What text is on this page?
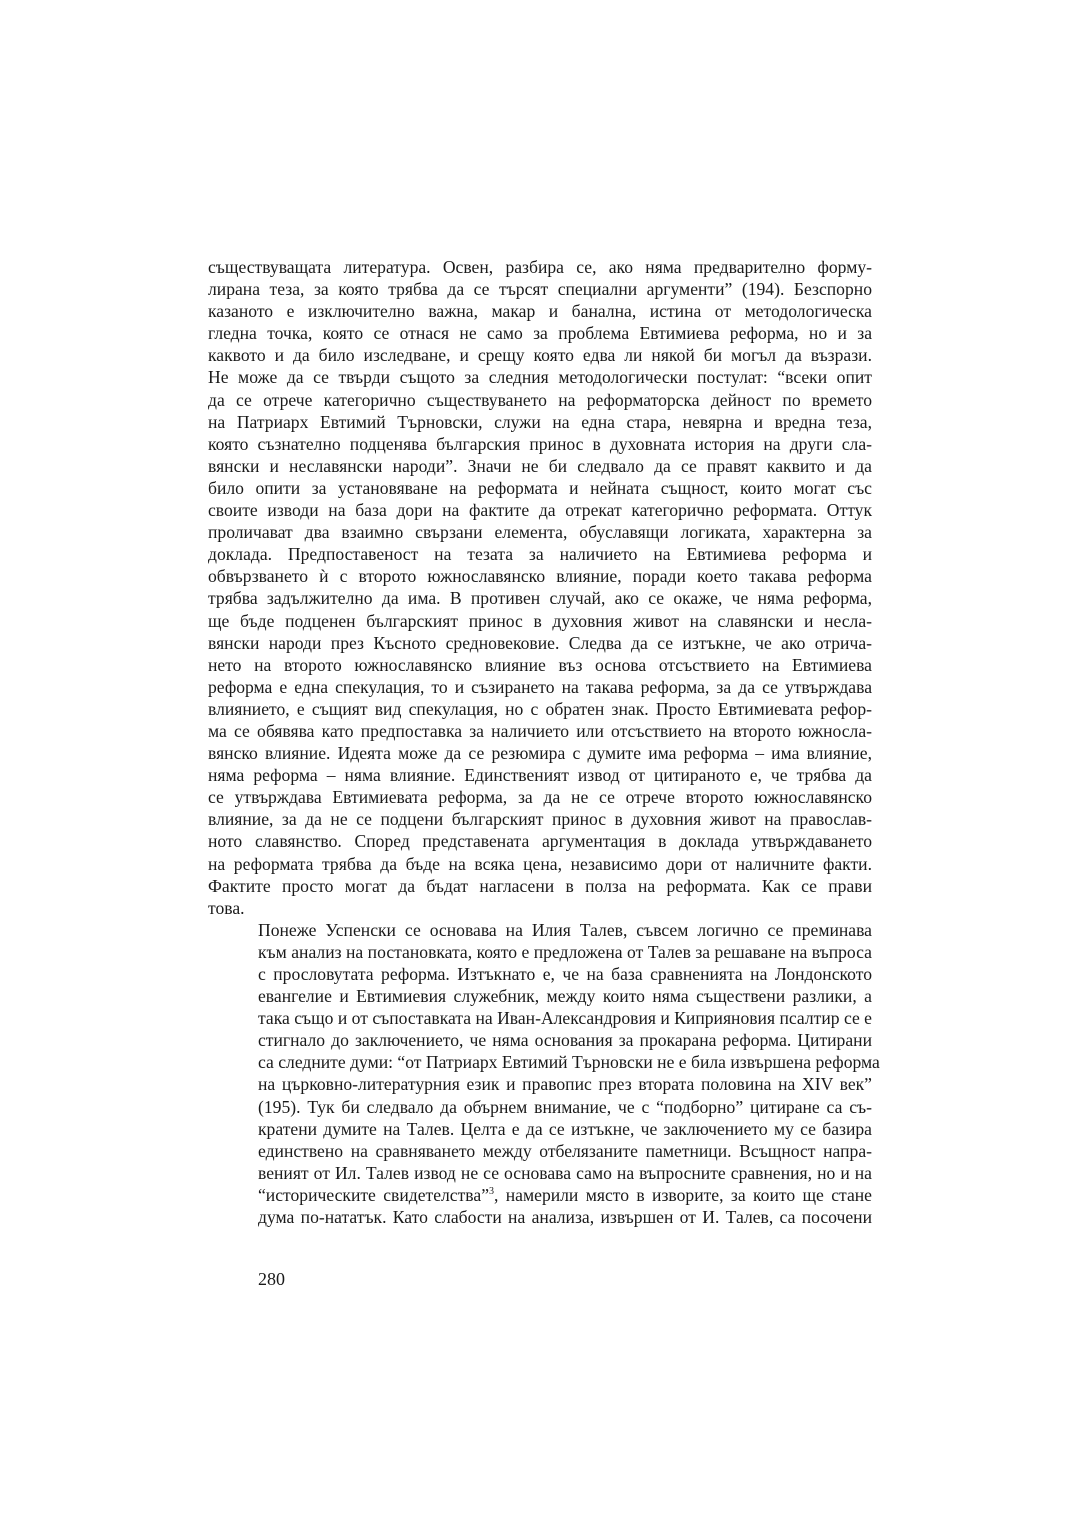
съществуващата литература. Освен, разбира се, ако няма предварително форму-
лирана теза, за която трябва да се търсят специални аргументи” (194). Безспорно
казаното е изключително важна, макар и банална, истина от методологическа
гледна точка, която се отнася не само за проблема Евтимиева реформа, но и за
каквото и да било изследване, и срещу която едва ли някой би могъл да възрази.
Не може да се твърди същото за следния методологически постулат: “всеки опит
да се отрече категорично съществуването на реформаторска дейност по времето
на Патриарх Евтимий Търновски, служи на една стара, невярна и вредна теза,
която съзнателно подценява българския принос в духовната история на други сла-
вянски и неславянски народи”. Значи не би следвало да се правят каквито и да
било опити за установяване на реформата и нейната същност, които могат със
своите изводи на база дори на фактите да отрекат категорично реформата. Оттук
проличават два взаимно свързани елемента, обуславящи логиката, характерна за
доклада. Предпоставеност на тезата за наличието на Евтимиева реформа и
обвързването ѝ с второто южнославянско влияние, поради което такава реформа
трябва задължително да има. В противен случай, ако се окаже, че няма реформа,
ще бъде подценен българският принос в духовния живот на славянски и несла-
вянски народи през Късното средновековие. Следва да се изтъкне, че ако отрича-
нето на второто южнославянско влияние въз основа отсъствието на Евтимиева
реформа е една спекулация, то и съзирането на такава реформа, за да се утвърждава
влиянието, е същият вид спекулация, но с обратен знак. Просто Евтимиевата рефор-
ма се обявява като предпоставка за наличието или отсъствието на второто южносла-
вянско влияние. Идеята може да се резюмира с думите има реформа – има влияние,
няма реформа – няма влияние. Единственият извод от цитираното е, че трябва да
се утвърждава Евтимиевата реформа, за да не се отрече второто южнославянско
влияние, за да не се подцени българският принос в духовния живот на православ-
ното славянство. Според представената аргументация в доклада утвърждаването
на реформата трябва да бъде на всяка цена, независимо дори от наличните факти.
Фактите просто могат да бъдат нагласени в полза на реформата. Как се прави
това.

Понеже Успенски се основава на Илия Талев, съвсем логично се преминава
към анализ на постановката, която е предложена от Талев за решаване на въпроса
с прословутата реформа. Изтъкнато е, че на база сравненията на Лондонското
евангелие и Евтимиевия служебник, между които няма съществени разлики, а
така също и от съпоставката на Иван-Александровия и Киприяновия псалтир се е
стигнало до заключението, че няма основания за прокарана реформа. Цитирани
са следните думи: “от Патриарх Евтимий Търновски не е била извършена реформа
на църковно-литературния език и правопис през втората половина на XIV век”
(195). Тук би следвало да обърнем внимание, че с “подборно” цитиране са съ-
кратени думите на Талев. Целта е да се изтъкне, че заключението му се базира
единствено на сравняването между отбелязаните паметници. Всъщност напра-
веният от Ил. Талев извод не се основава само на въпросните сравнения, но и на
“историческите свидетелства”$^3$, намерили място в изворите, за които ще стане
дума по-нататък. Като слабости на анализа, извършен от И. Талев, са посочени

280
